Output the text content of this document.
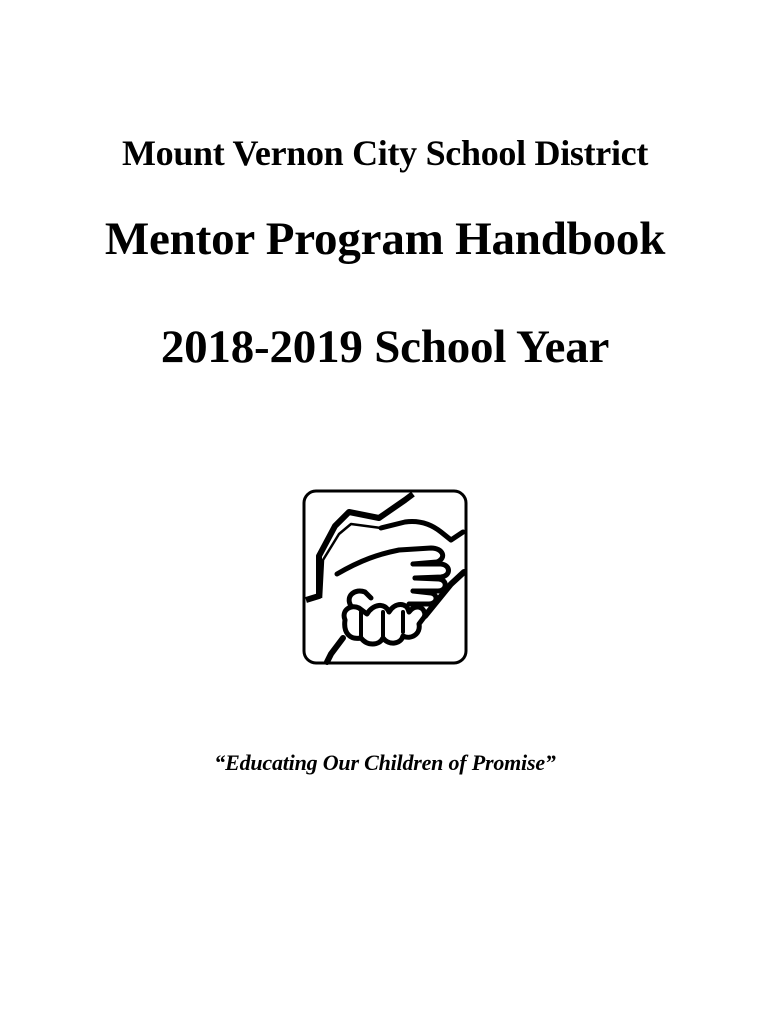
Mount Vernon City School District
Mentor Program Handbook
2018-2019 School Year
“Educating Our Children of Promise”
